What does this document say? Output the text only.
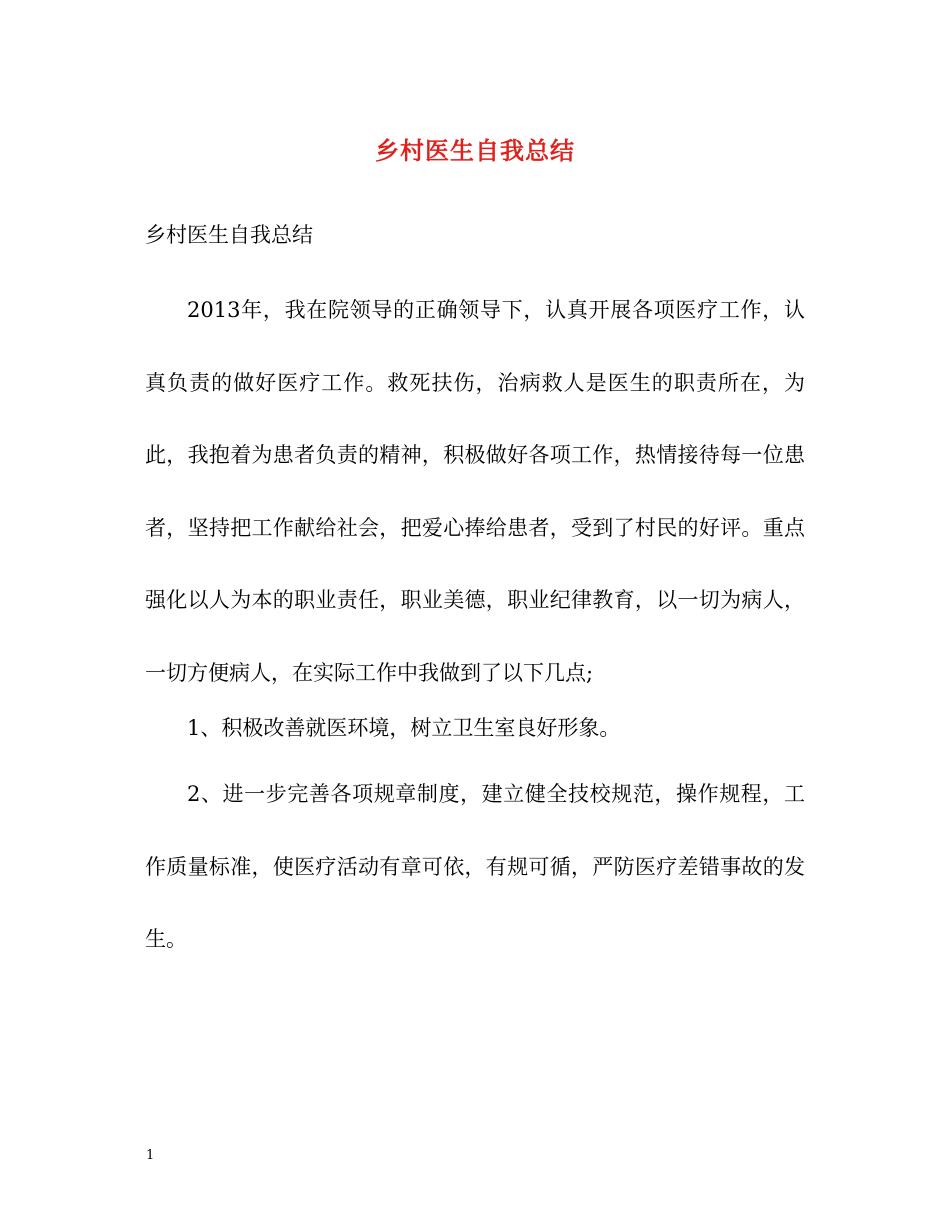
乡村医生自我总结
乡村医生自我总结

2013年，我在院领导的正确领导下，认真开展各项医疗工作，认真负责的做好医疗工作。救死扶伤，治病救人是医生的职责所在，为此，我抱着为患者负责的精神，积极做好各项工作，热情接待每一位患者，坚持把工作献给社会，把爱心捧给患者，受到了村民的好评。重点强化以人为本的职业责任，职业美德，职业纪律教育，以一切为病人，一切方便病人，在实际工作中我做到了以下几点;

1、积极改善就医环境，树立卫生室良好形象。

2、进一步完善各项规章制度，建立健全技校规范，操作规程，工作质量标准，使医疗活动有章可依，有规可循，严防医疗差错事故的发生。

1
